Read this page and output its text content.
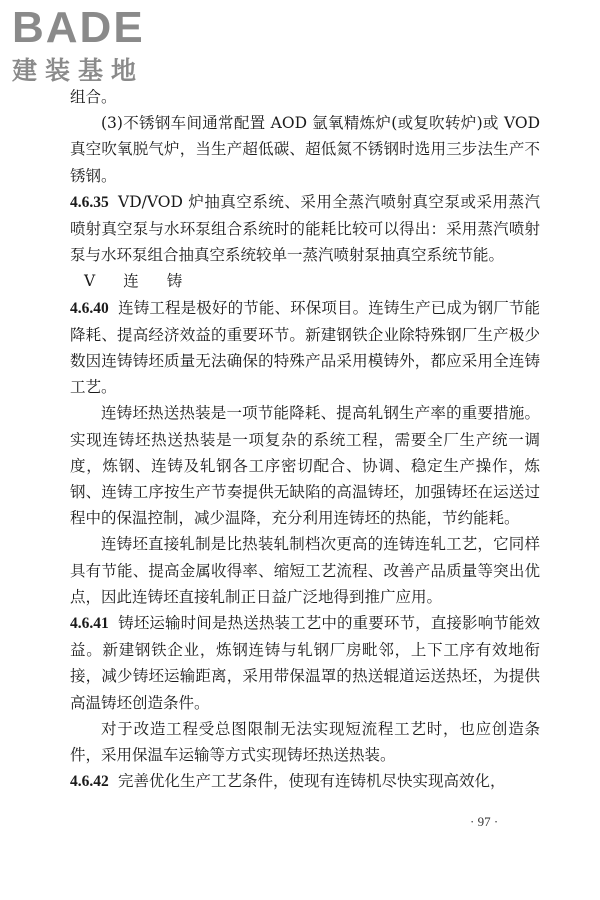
BADE
建装基地

组合。

(3)不锈钢车间通常配置 AOD 氩氧精炼炉(或复吹转炉)或 VOD 真空吹氧脱气炉，当生产超低碳、超低氮不锈钢时选用三步法生产不锈钢。

4.6.35 VD/VOD 炉抽真空系统、采用全蒸汽喷射真空泵或采用蒸汽喷射真空泵与水环泵组合系统时的能耗比较可以得出：采用蒸汽喷射泵与水环泵组合抽真空系统较单一蒸汽喷射泵抽真空系统节能。

V 连 铸

4.6.40 连铸工程是极好的节能、环保项目。连铸生产已成为钢厂节能降耗、提高经济效益的重要环节。新建钢铁企业除特殊钢厂生产极少数因连铸铸坯质量无法确保的特殊产品采用模铸外，都应采用全连铸工艺。

连铸坯热送热装是一项节能降耗、提高轧钢生产率的重要措施。实现连铸坯热送热装是一项复杂的系统工程，需要全厂生产统一调度，炼钢、连铸及轧钢各工序密切配合、协调、稳定生产操作，炼钢、连铸工序按生产节奏提供无缺陷的高温铸坯，加强铸坯在运送过程中的保温控制，减少温降，充分利用连铸坯的热能，节约能耗。

连铸坯直接轧制是比热装轧制档次更高的连铸连轧工艺，它同样具有节能、提高金属收得率、缩短工艺流程、改善产品质量等突出优点，因此连铸坯直接轧制正日益广泛地得到推广应用。

4.6.41 铸坯运输时间是热送热装工艺中的重要环节，直接影响节能效益。新建钢铁企业，炼钢连铸与轧钢厂房毗邻，上下工序有效地衔接，减少铸坯运输距离，采用带保温罩的热送辊道运送热坯，为提供高温铸坯创造条件。

对于改造工程受总图限制无法实现短流程工艺时，也应创造条件，采用保温车运输等方式实现铸坯热送热装。

4.6.42 完善优化生产工艺条件，使现有连铸机尽快实现高效化，

· 97 ·
